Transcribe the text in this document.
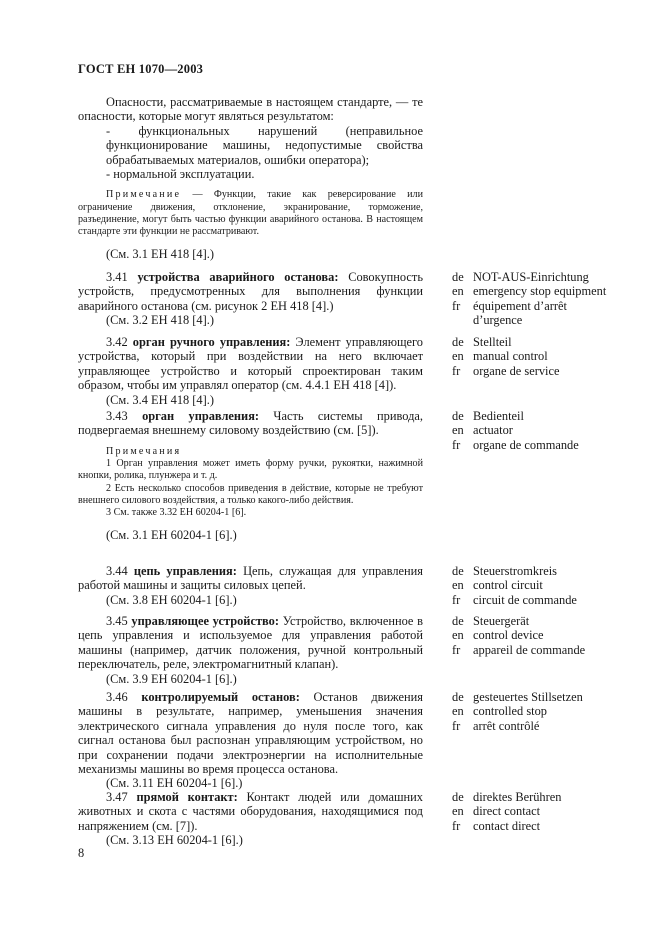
ГОСТ ЕН 1070—2003

Опасности, рассматриваемые в настоящем стандарте, — те опасности, которые могут являться результатом:

- функциональных нарушений (неправильное функционирование машины, недопустимые свойства обрабатываемых материалов, ошибки оператора);

- нормальной эксплуатации.

Примечание — Функции, такие как реверсирование или ограничение движения, отклонение, экранирование, торможение, разъединение, могут быть частью функции аварийного останова. В настоящем стандарте эти функции не рассматривают.

(См. 3.1 ЕН 418 [4].)

3.41 устройства аварийного останова: Совокупность устройств, предусмотренных для выполнения функции аварийного останова (см. рисунок 2 ЕН 418 [4].)

(См. 3.2 ЕН 418 [4].)

de NOT-AUS-Einrichtung
en emergency stop equipment
fr	équipement d’arrêt
d’urgence

3.42 орган ручного управления: Элемент управляющего устройства, который при воздействии на него включает управляющее устройство и который спроектирован таким образом, чтобы им управлял оператор (см. 4.4.1 ЕН 418 [4]).

(См. 3.4 ЕН 418 [4].)

de Stellteil
en manual control
fr	organe de service

3.43 орган управления: Часть системы привода, подвергаемая внешнему силовому воздействию (см. [5]).

Примечания

1 Орган управления может иметь форму ручки, рукоятки, нажимной кнопки, ролика, плунжера и т. д.

2 Есть несколько способов приведения в действие, которые не требуют внешнего силового воздействия, а только какого-либо действия.

3 См. также 3.32 ЕН 60204-1 [6].

(См. 3.1 ЕН 60204-1 [6].)

de Bedienteil
en actuator
fr	organe de commande

3.44 цепь управления: Цепь, служащая для управления работой машины и защиты силовых цепей.

(См. 3.8 ЕН 60204-1 [6].)

de Steuerstromkreis
en control circuit
fr	circuit de commande

3.45 управляющее устройство: Устройство, включенное в цепь управления и используемое для управления работой машины (например, датчик положения, ручной контрольный переключатель, реле, электромагнитный клапан).

(См. 3.9 ЕН 60204-1 [6].)

de Steuergerät
en control device
fr	appareil de commande

3.46 контролируемый останов: Останов движения машины в результате, например, уменьшения значения электрического сигнала управления до нуля после того, как сигнал останова был распознан управляющим устройством, но при сохранении подачи электроэнергии на исполнительные механизмы машины во время процесса останова.

(См. 3.11 ЕН 60204-1 [6].)

de gesteuertes Stillsetzen
en controlled stop
fr	arrêt contrôlé

3.47 прямой контакт: Контакт людей или домашних животных и скота с частями оборудования, находящимися под напряжением (см. [7]).

(См. 3.13 ЕН 60204-1 [6].)

de direktes Berühren
en direct contact
fr	contact direct
8
